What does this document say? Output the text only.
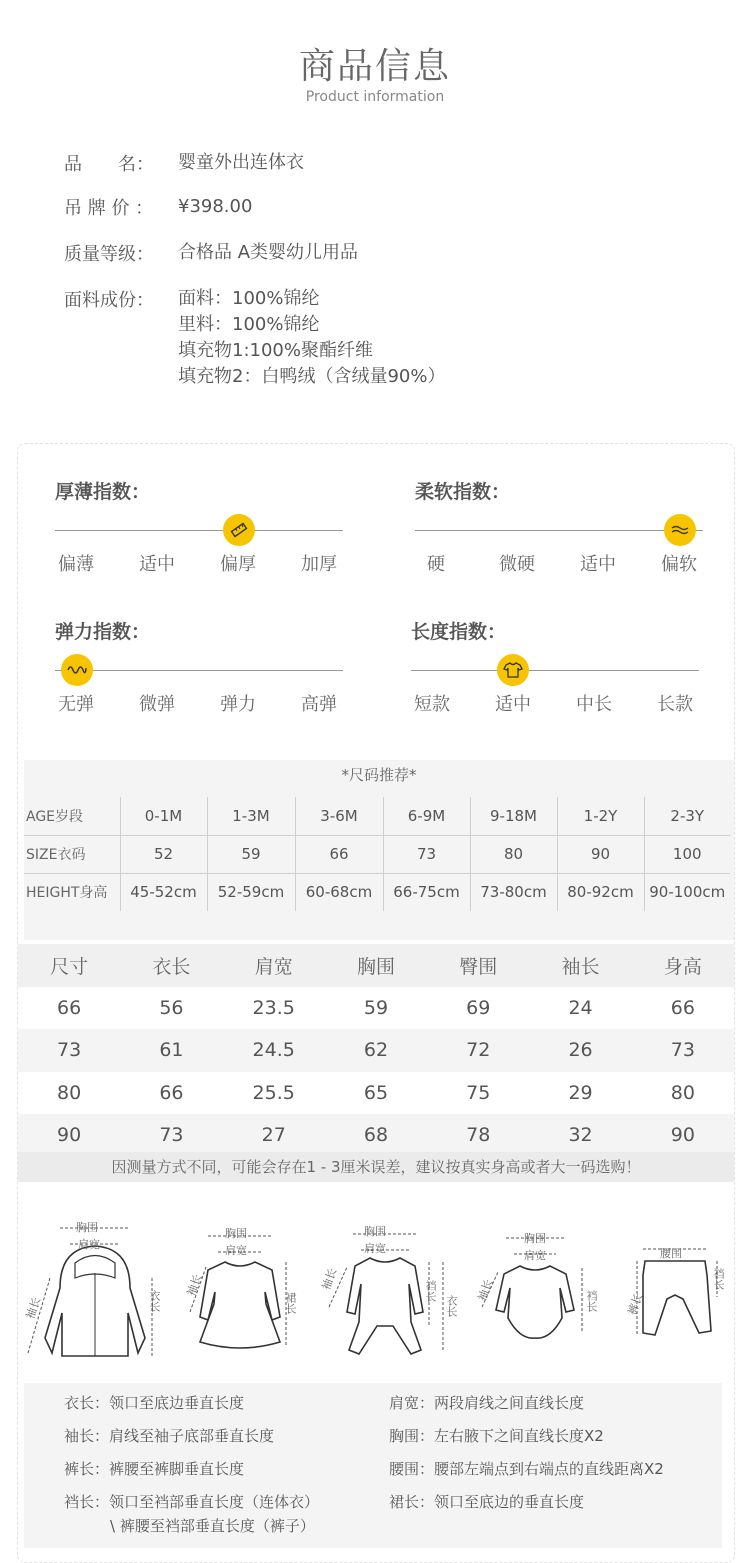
商品信息
Product information
品　　名：	婴童外出连体衣
吊 牌 价 ：	¥398.00
质量等级：	合格品 A类婴幼儿用品
面料成份：	面料：100%锦纶
里料：100%锦纶
填充物1:100%聚酯纤维
填充物2：白鸭绒（含绒量90%）
厚薄指数：
偏薄	适中	偏厚	加厚
柔软指数：
硬	微硬	适中	偏软
弹力指数：
无弹	微弹	弹力	高弹
长度指数：
短款	适中	中长	长款
*尺码推荐*
AGE岁段	0-1M	1-3M	3-6M	6-9M	9-18M	1-2Y	2-3Y
SIZE衣码	52	59	66	73	80	90	100
HEIGHT身高	45-52cm	52-59cm	60-68cm	66-75cm	73-80cm	80-92cm	90-100cm
尺寸	衣长	肩宽	胸围	臀围	袖长	身高
66	56	23.5	59	69	24	66
73	61	24.5	62	72	26	73
80	66	25.5	65	75	29	80
90	73	27	68	78	32	90
因测量方式不同，可能会存在1 - 3厘米误差，建议按真实身高或者大一码选购！
胸围
肩宽
袖长	衣长
胸围
肩宽
袖长
裙长
胸围
肩宽
袖长	裆长
衣长
胸围
肩宽
袖长	裆长
腰围
裤长
裆长
衣长：领口至底边垂直长度
袖长：肩线至袖子底部垂直长度
裤长：裤腰至裤脚垂直长度
裆长：领口至裆部垂直长度（连体衣）
\ 裤腰至裆部垂直长度（裤子）
肩宽：两段肩线之间直线长度
胸围：左右腋下之间直线长度X2
腰围：腰部左端点到右端点的直线距离X2
裙长：领口至底边的垂直长度
